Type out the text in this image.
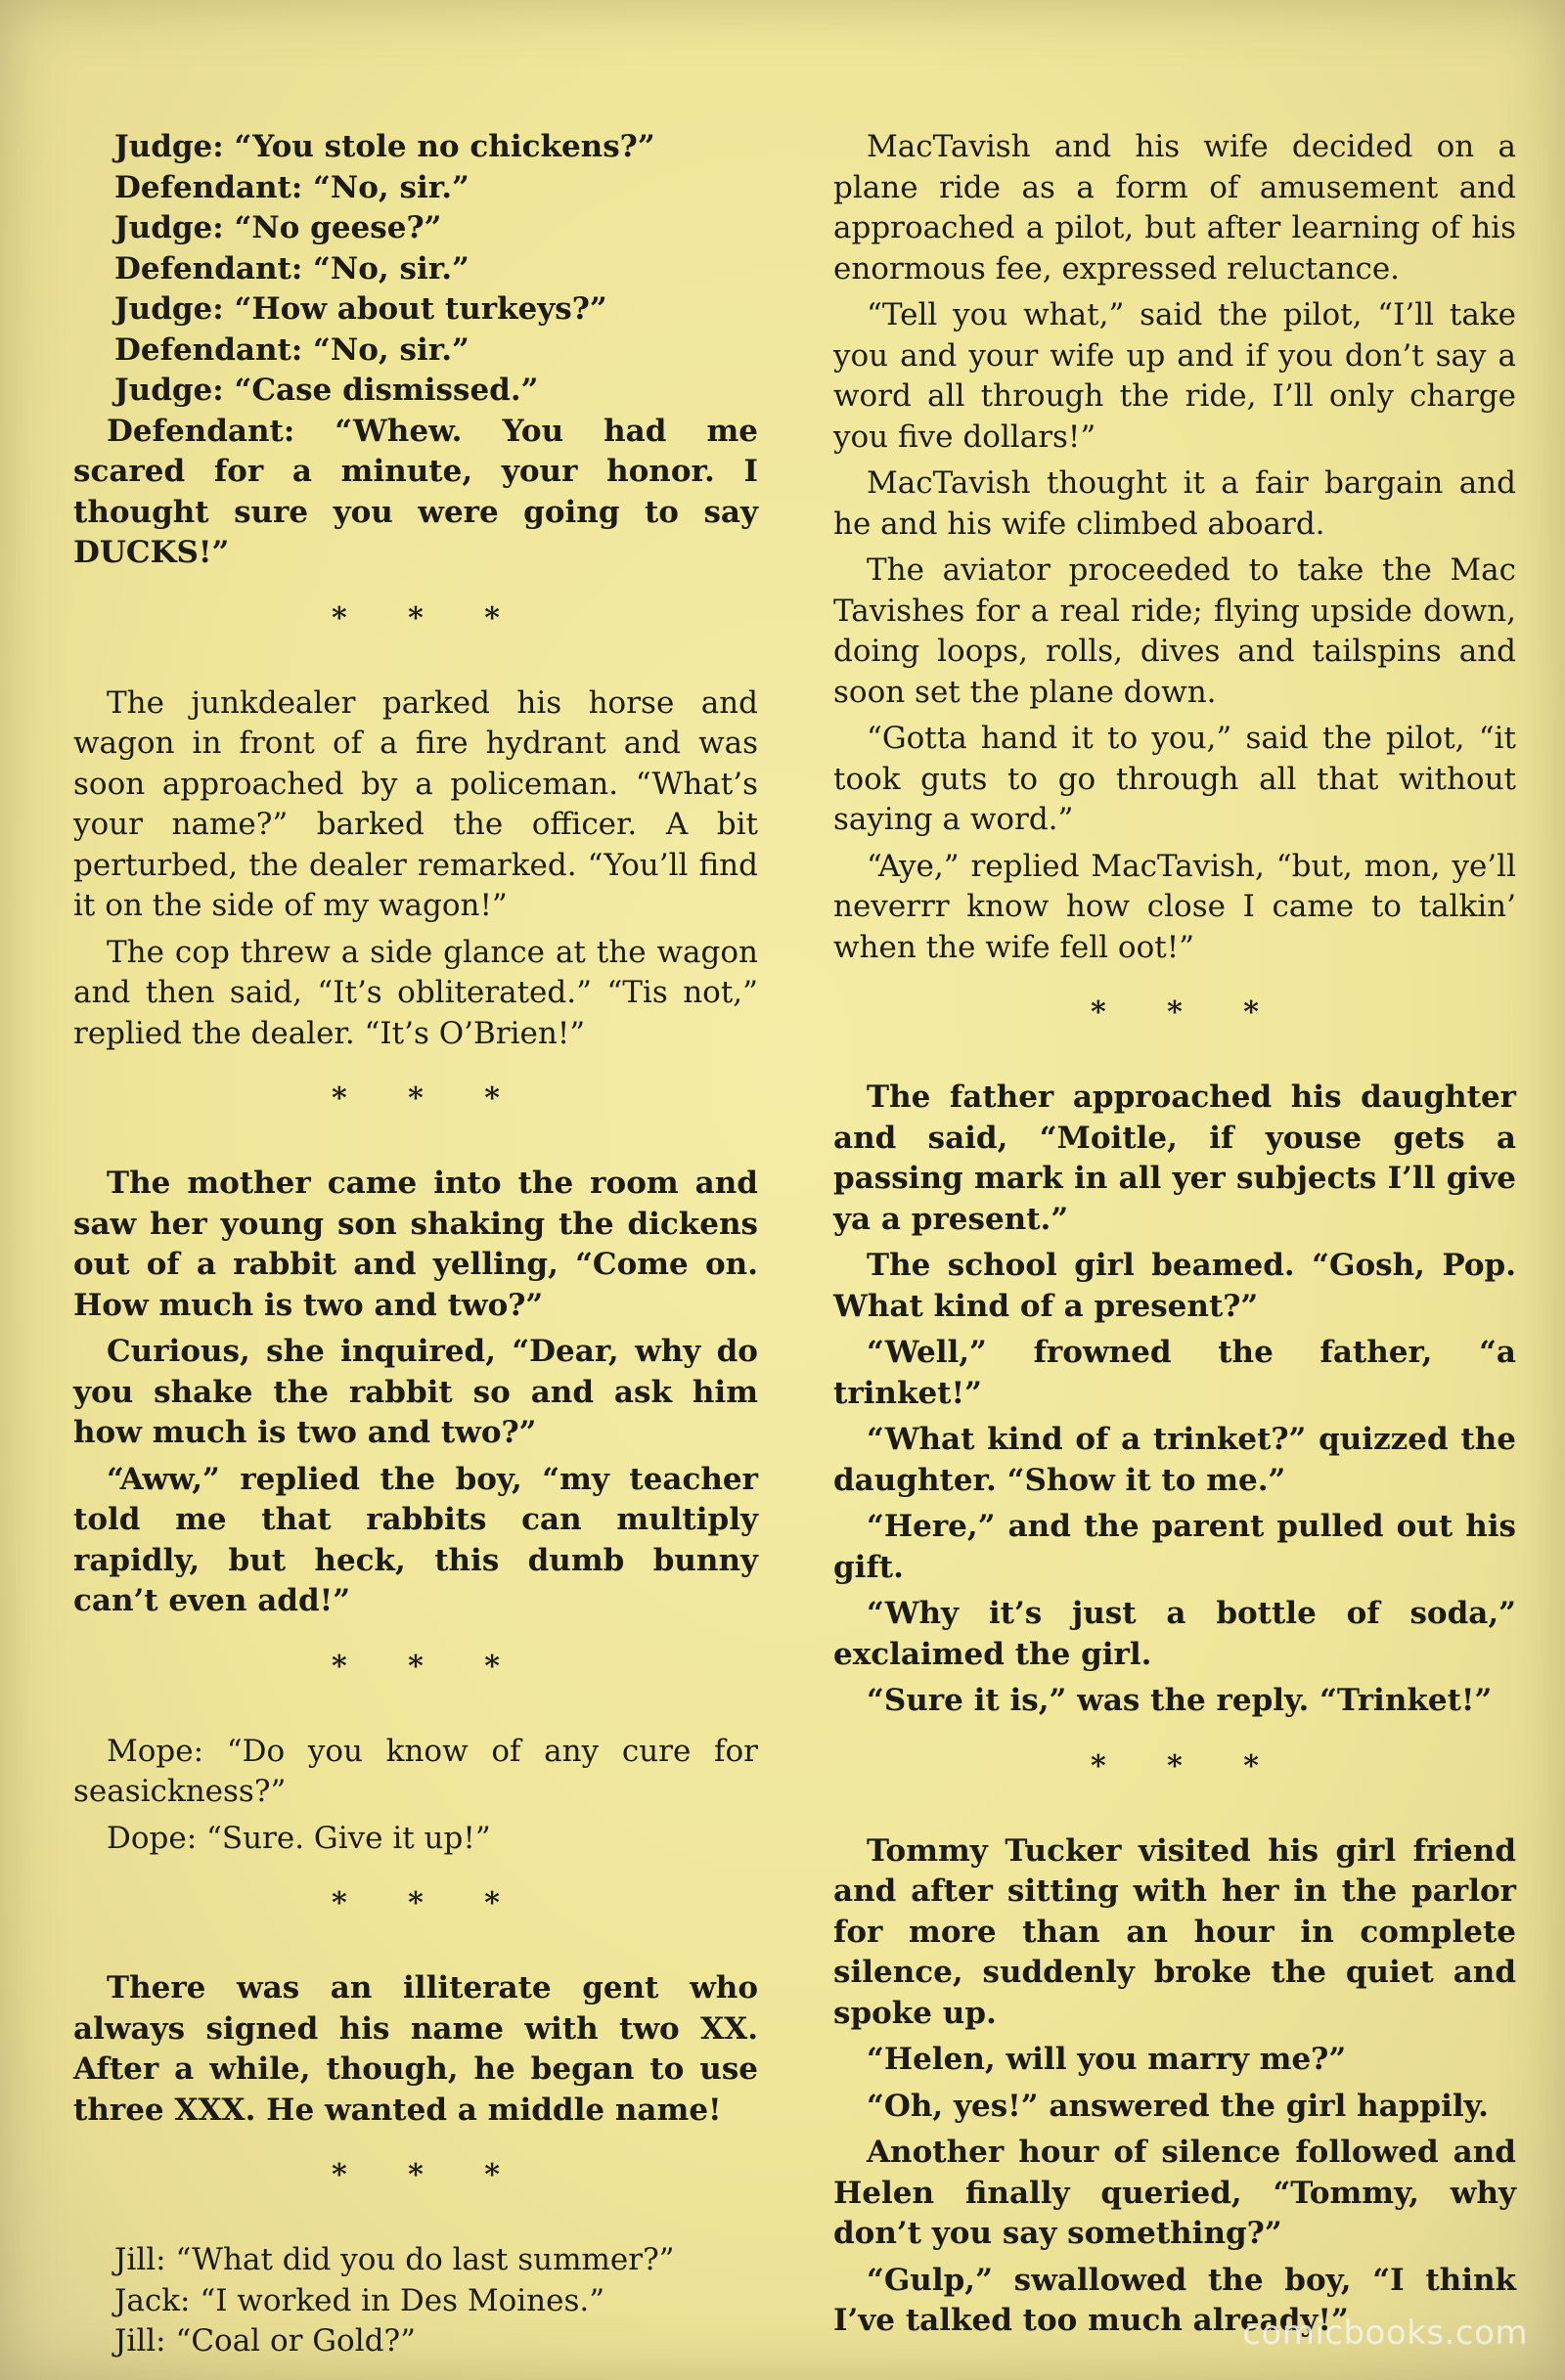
Judge: “You stole no chickens?”

Defendant: “No, sir.”

Judge: “No geese?”

Defendant: “No, sir.”

Judge: “How about turkeys?”

Defendant: “No, sir.”

Judge: “Case dismissed.”

Defendant: “Whew. You had me scared for a minute, your honor. I thought sure you were going to say DUCKS!”

* * *

The junkdealer parked his horse and wagon in front of a fire hydrant and was soon approached by a policeman. “What’s your name?” barked the officer. A bit perturbed, the dealer remarked. “You’ll find it on the side of my wagon!”

The cop threw a side glance at the wagon and then said, “It’s obliterated.” “Tis not,” replied the dealer. “It’s O’Brien!”

* * *

The mother came into the room and saw her young son shaking the dickens out of a rabbit and yelling, “Come on. How much is two and two?”

Curious, she inquired, “Dear, why do you shake the rabbit so and ask him how much is two and two?”

“Aww,” replied the boy, “my teacher told me that rabbits can multiply rapidly, but heck, this dumb bunny can’t even add!”

* * *

Mope: “Do you know of any cure for seasickness?”

Dope: “Sure. Give it up!”

* * *

There was an illiterate gent who always signed his name with two XX. After a while, though, he began to use three XXX. He wanted a middle name!

* * *

Jill: “What did you do last summer?”

Jack: “I worked in Des Moines.”

Jill: “Coal or Gold?”

MacTavish and his wife decided on a plane ride as a form of amusement and approached a pilot, but after learning of his enormous fee, expressed reluctance.

“Tell you what,” said the pilot, “I’ll take you and your wife up and if you don’t say a word all through the ride, I’ll only charge you five dollars!”

MacTavish thought it a fair bargain and he and his wife climbed aboard.

The aviator proceeded to take the Mac Tavishes for a real ride; flying upside down, doing loops, rolls, dives and tailspins and soon set the plane down.

“Gotta hand it to you,” said the pilot, “it took guts to go through all that without saying a word.”

“Aye,” replied MacTavish, “but, mon, ye’ll neverrr know how close I came to talkin’ when the wife fell oot!”

* * *

The father approached his daughter and said, “Moitle, if youse gets a passing mark in all yer subjects I’ll give ya a present.”

The school girl beamed. “Gosh, Pop. What kind of a present?”

“Well,” frowned the father, “a trinket!”

“What kind of a trinket?” quizzed the daughter. “Show it to me.”

“Here,” and the parent pulled out his gift.

“Why it’s just a bottle of soda,” exclaimed the girl.

“Sure it is,” was the reply. “Trinket!”

* * *

Tommy Tucker visited his girl friend and after sitting with her in the parlor for more than an hour in complete silence, suddenly broke the quiet and spoke up.

“Helen, will you marry me?”

“Oh, yes!” answered the girl happily.

Another hour of silence followed and Helen finally queried, “Tommy, why don’t you say something?”

“Gulp,” swallowed the boy, “I think I’ve talked too much already!”

comicbooks.com
